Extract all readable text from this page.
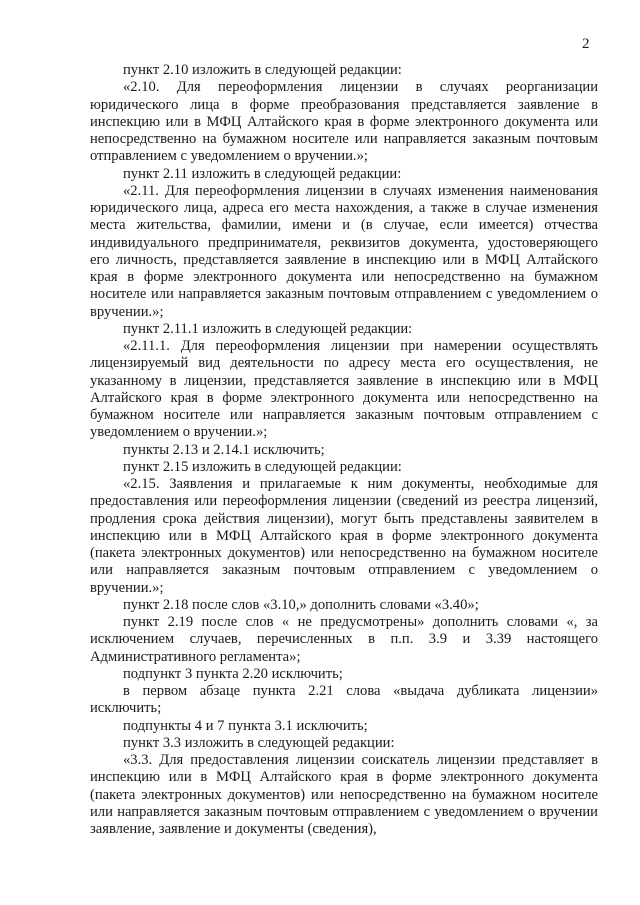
2

пункт 2.10 изложить в следующей редакции:

«2.10. Для переоформления лицензии в случаях реорганизации юридического лица в форме преобразования представляется заявление в инспекцию или в МФЦ Алтайского края в форме электронного документа или непосредственно на бумажном носителе или направляется заказным почтовым отправлением с уведомлением о вручении.»;

пункт 2.11 изложить в следующей редакции:

«2.11. Для переоформления лицензии в случаях изменения наименования юридического лица, адреса его места нахождения, а также в случае изменения места жительства, фамилии, имени и (в случае, если имеется) отчества индивидуального предпринимателя, реквизитов документа, удостоверяющего его личность, представляется заявление в инспекцию или в МФЦ Алтайского края в форме электронного документа или непосредственно на бумажном носителе или направляется заказным почтовым отправлением с уведомлением о вручении.»;

пункт 2.11.1 изложить в следующей редакции:

«2.11.1. Для переоформления лицензии при намерении осуществлять лицензируемый вид деятельности по адресу места его осуществления, не указанному в лицензии, представляется заявление в инспекцию или в МФЦ Алтайского края в форме электронного документа или непосредственно на бумажном носителе или направляется заказным почтовым отправлением с уведомлением о вручении.»;

пункты 2.13 и 2.14.1 исключить;

пункт 2.15 изложить в следующей редакции:

«2.15. Заявления и прилагаемые к ним документы, необходимые для предоставления или переоформления лицензии (сведений из реестра лицензий, продления срока действия лицензии), могут быть представлены заявителем в инспекцию или в МФЦ Алтайского края в форме электронного документа (пакета электронных документов) или непосредственно на бумажном носителе или направляется заказным почтовым отправлением с уведомлением о вручении.»;

пункт 2.18 после слов «3.10,» дополнить словами «3.40»;

пункт 2.19 после слов « не предусмотрены» дополнить словами «, за исключением случаев, перечисленных в п.п. 3.9 и 3.39 настоящего Административного регламента»;

подпункт 3 пункта 2.20 исключить;

в первом абзаце пункта 2.21 слова «выдача дубликата лицензии» исключить;

подпункты 4 и 7 пункта 3.1 исключить;

пункт 3.3 изложить в следующей редакции:

«3.3. Для предоставления лицензии соискатель лицензии представляет в инспекцию или в МФЦ Алтайского края в форме электронного документа (пакета электронных документов) или непосредственно на бумажном носителе или направляется заказным почтовым отправлением с уведомлением о вручении заявление, заявление и документы (сведения),
